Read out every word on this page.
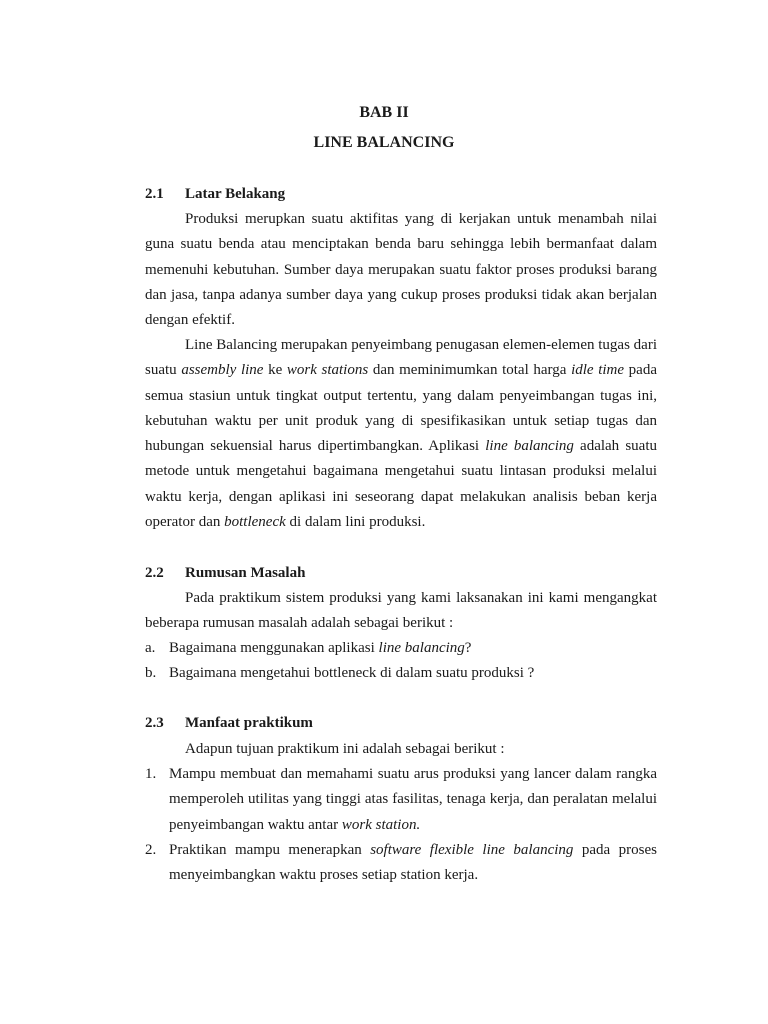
BAB II
LINE BALANCING
2.1 Latar Belakang

Produksi merupkan suatu aktifitas yang di kerjakan untuk menambah nilai guna suatu benda atau menciptakan benda baru sehingga lebih bermanfaat dalam memenuhi kebutuhan. Sumber daya merupakan suatu faktor proses produksi barang dan jasa, tanpa adanya sumber daya yang cukup proses produksi tidak akan berjalan dengan efektif.

Line Balancing merupakan penyeimbang penugasan elemen-elemen tugas dari suatu assembly line ke work stations dan meminimumkan total harga idle time pada semua stasiun untuk tingkat output tertentu, yang dalam penyeimbangan tugas ini, kebutuhan waktu per unit produk yang di spesifikasikan untuk setiap tugas dan hubungan sekuensial harus dipertimbangkan. Aplikasi line balancing adalah suatu metode untuk mengetahui bagaimana mengetahui suatu lintasan produksi melalui waktu kerja, dengan aplikasi ini seseorang dapat melakukan analisis beban kerja operator dan bottleneck di dalam lini produksi.

2.2 Rumusan Masalah

Pada praktikum sistem produksi yang kami laksanakan ini kami mengangkat beberapa rumusan masalah adalah sebagai berikut :

a. Bagaimana menggunakan aplikasi line balancing?
b. Bagaimana mengetahui bottleneck di dalam suatu produksi ?
2.3 Manfaat praktikum

Adapun tujuan praktikum ini adalah sebagai berikut :

1. Mampu membuat dan memahami suatu arus produksi yang lancer dalam rangka memperoleh utilitas yang tinggi atas fasilitas, tenaga kerja, dan peralatan melalui penyeimbangan waktu antar work station.
2. Praktikan mampu menerapkan software flexible line balancing pada proses menyeimbangkan waktu proses setiap station kerja.
